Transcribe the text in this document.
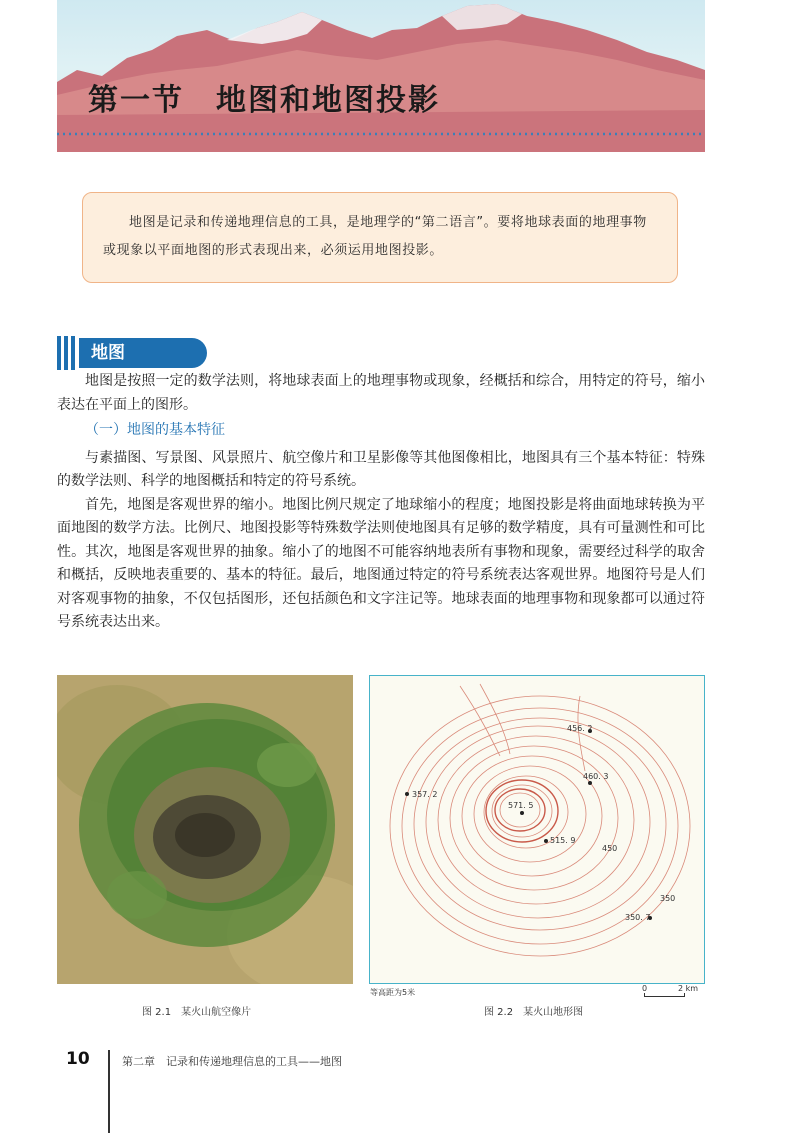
第一节　地图和地图投影

地图是记录和传递地理信息的工具，是地理学的“第二语言”。要将地球表面的地理事物或现象以平面地图的形式表现出来，必须运用地图投影。

地图

地图是按照一定的数学法则，将地球表面上的地理事物或现象，经概括和综合，用特定的符号，缩小表达在平面上的图形。

（一）地图的基本特征

与素描图、写景图、风景照片、航空像片和卫星影像等其他图像相比，地图具有三个基本特征：特殊的数学法则、科学的地图概括和特定的符号系统。

首先，地图是客观世界的缩小。地图比例尺规定了地球缩小的程度；地图投影是将曲面地球转换为平面地图的数学方法。比例尺、地图投影等特殊数学法则使地图具有足够的数学精度，具有可量测性和可比性。其次，地图是客观世界的抽象。缩小了的地图不可能容纳地表所有事物和现象，需要经过科学的取舍和概括，反映地表重要的、基本的特征。最后，地图通过特定的符号系统表达客观世界。地图符号是人们对客观事物的抽象，不仅包括图形，还包括颜色和文字注记等。地球表面的地理事物和现象都可以通过符号系统表达出来。

456. 2
460. 3
357. 2
571. 5
515. 9
350. 7
450
350
等高距为5米	0	2 km
图 2.1　某火山航空像片	图 2.2　某火山地形图
10	第二章　记录和传递地理信息的工具——地图
